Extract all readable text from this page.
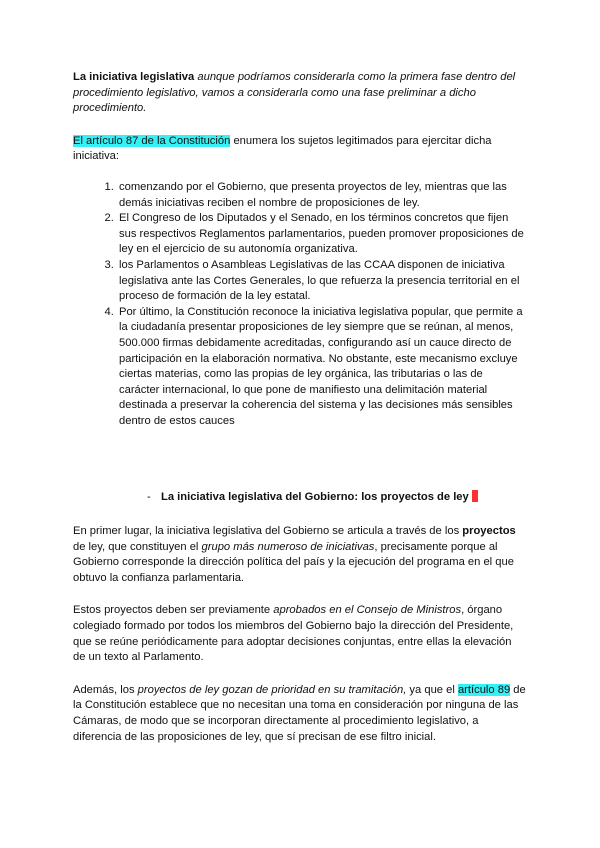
La iniciativa legislativa aunque podríamos considerarla como la primera fase dentro del procedimiento legislativo, vamos a considerarla como una fase preliminar a dicho procedimiento.

El artículo 87 de la Constitución enumera los sujetos legitimados para ejercitar dicha iniciativa:

1. comenzando por el Gobierno, que presenta proyectos de ley, mientras que las demás iniciativas reciben el nombre de proposiciones de ley.
2. El Congreso de los Diputados y el Senado, en los términos concretos que fijen sus respectivos Reglamentos parlamentarios, pueden promover proposiciones de ley en el ejercicio de su autonomía organizativa.
3. los Parlamentos o Asambleas Legislativas de las CCAA disponen de iniciativa legislativa ante las Cortes Generales, lo que refuerza la presencia territorial en el proceso de formación de la ley estatal.
4. Por último, la Constitución reconoce la iniciativa legislativa popular, que permite a la ciudadanía presentar proposiciones de ley siempre que se reúnan, al menos, 500.000 firmas debidamente acreditadas, configurando así un cauce directo de participación en la elaboración normativa. No obstante, este mecanismo excluye ciertas materias, como las propias de ley orgánica, las tributarias o las de carácter internacional, lo que pone de manifiesto una delimitación material destinada a preservar la coherencia del sistema y las decisiones más sensibles dentro de estos cauces
- La iniciativa legislativa del Gobierno: los proyectos de ley

En primer lugar, la iniciativa legislativa del Gobierno se articula a través de los proyectos de ley, que constituyen el grupo más numeroso de iniciativas, precisamente porque al Gobierno corresponde la dirección política del país y la ejecución del programa en el que obtuvo la confianza parlamentaria.

Estos proyectos deben ser previamente aprobados en el Consejo de Ministros, órgano colegiado formado por todos los miembros del Gobierno bajo la dirección del Presidente, que se reúne periódicamente para adoptar decisiones conjuntas, entre ellas la elevación de un texto al Parlamento.

Además, los proyectos de ley gozan de prioridad en su tramitación, ya que el artículo 89 de la Constitución establece que no necesitan una toma en consideración por ninguna de las Cámaras, de modo que se incorporan directamente al procedimiento legislativo, a diferencia de las proposiciones de ley, que sí precisan de ese filtro inicial.
